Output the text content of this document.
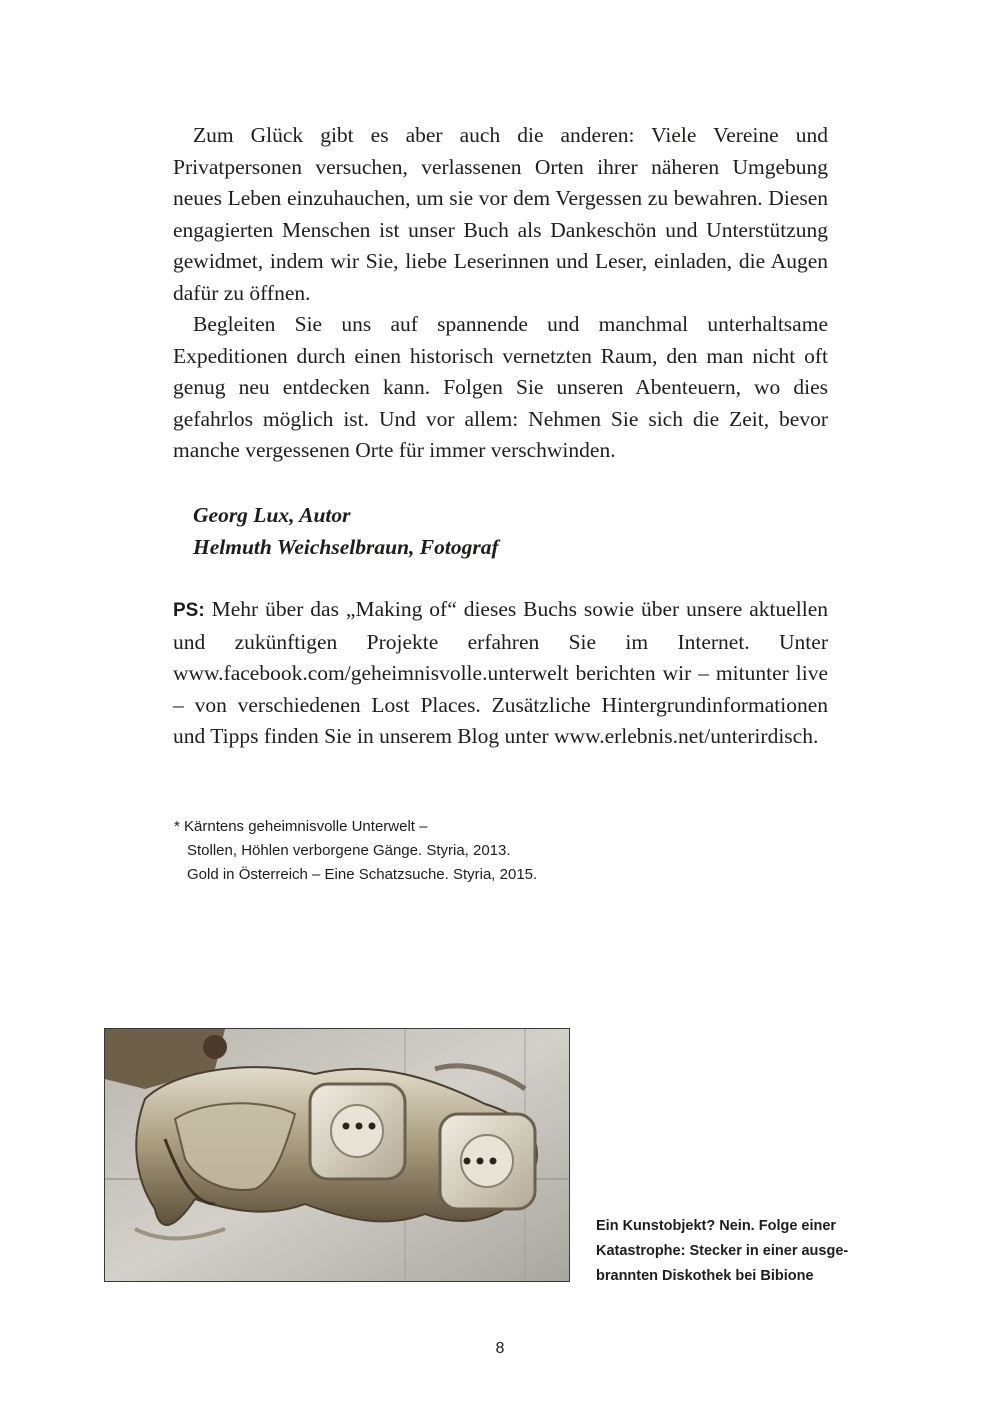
Zum Glück gibt es aber auch die anderen: Viele Vereine und Privatpersonen versuchen, verlassenen Orten ihrer näheren Umgebung neues Leben einzuhauchen, um sie vor dem Vergessen zu bewahren. Diesen engagierten Menschen ist unser Buch als Dankeschön und Unterstützung gewidmet, indem wir Sie, liebe Leserinnen und Leser, einladen, die Augen dafür zu öffnen.

Begleiten Sie uns auf spannende und manchmal unterhaltsame Expeditionen durch einen historisch vernetzten Raum, den man nicht oft genug neu entdecken kann. Folgen Sie unseren Abenteuern, wo dies gefahrlos möglich ist. Und vor allem: Nehmen Sie sich die Zeit, bevor manche vergessenen Orte für immer verschwinden.

Georg Lux, Autor
Helmuth Weichselbraun, Fotograf

PS: Mehr über das „Making of“ dieses Buchs sowie über unsere aktuellen und zukünftigen Projekte erfahren Sie im Internet. Unter www.facebook.com/geheimnisvolle.unterwelt berichten wir – mitunter live – von verschiedenen Lost Places. Zusätzliche Hintergrundinformationen und Tipps finden Sie in unserem Blog unter www.erlebnis.net/unterirdisch.

* Kärntens geheimnisvolle Unterwelt –
Stollen, Höhlen verborgene Gänge. Styria, 2013.
Gold in Österreich – Eine Schatzsuche. Styria, 2015.
Ein Kunstobjekt? Nein. Folge einer
Katastrophe: Stecker in einer ausge-
brannten Diskothek bei Bibione
8
